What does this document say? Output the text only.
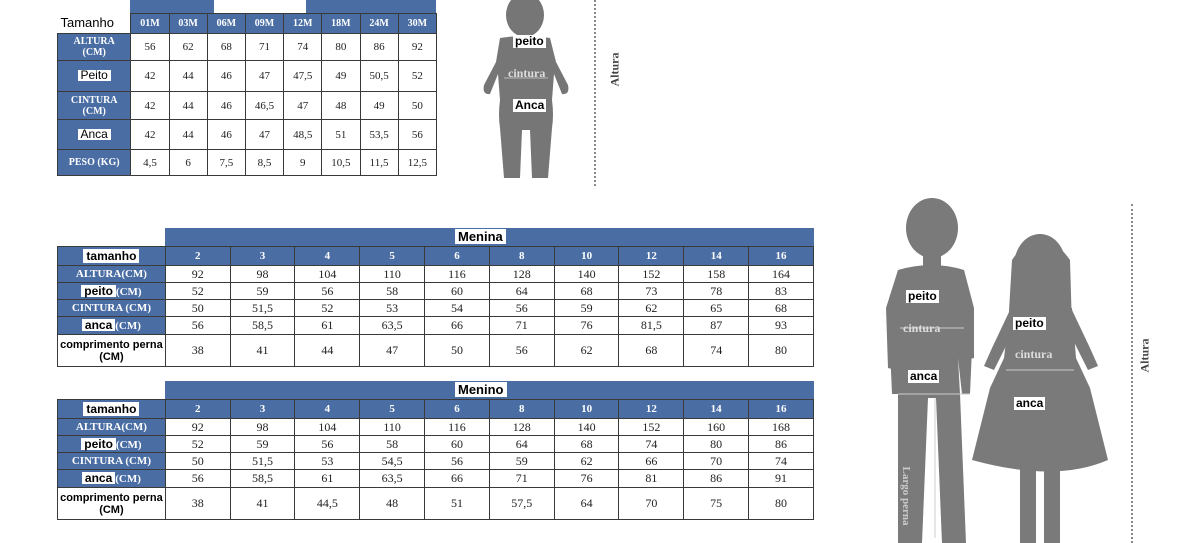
Tamanho	01M	03M	06M	09M	12M	18M	24M	30M
ALTURA
(CM)	56	62	68	71	74	80	86	92
Peito	42	44	46	47	47,5	49	50,5	52
CINTURA
(CM)	42	44	46	46,5	47	48	49	50
Anca	42	44	46	47	48,5	51	53,5	56
PESO (KG)	4,5	6	7,5	8,5	9	10,5	11,5	12,5
peito
cintura
Anca
Altura
Menina
tamanho	2	3	4	5	6	8	10	12	14	16
ALTURA(CM)	92	98	104	110	116	128	140	152	158	164
peito (CM)	52	59	56	58	60	64	68	73	78	83
CINTURA (CM)	50	51,5	52	53	54	56	59	62	65	68
anca (CM)	56	58,5	61	63,5	66	71	76	81,5	87	93
comprimento perna
(CM)	38	41	44	47	50	56	62	68	74	80
Menino
tamanho	2	3	4	5	6	8	10	12	14	16
ALTURA(CM)	92	98	104	110	116	128	140	152	160	168
peito (CM)	52	59	56	58	60	64	68	74	80	86
CINTURA (CM)	50	51,5	53	54,5	56	59	62	66	70	74
anca (CM)	56	58,5	61	63,5	66	71	76	81	86	91
comprimento perna
(CM)	38	41	44,5	48	51	57,5	64	70	75	80
peito
cintura
anca
Largo perna
peito
cintura
anca
Altura
